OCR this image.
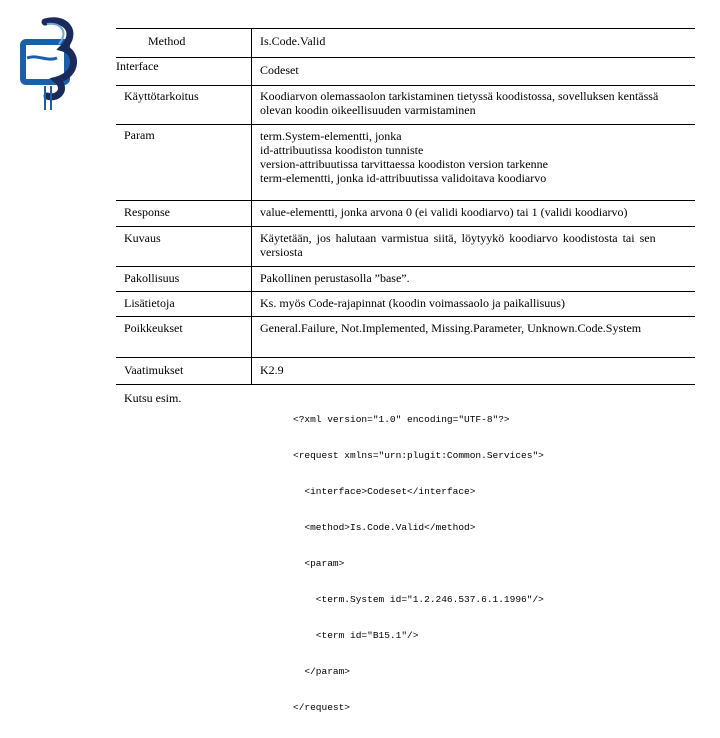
Method	Is.Code.Valid
Interface	Codeset
Käyttötarkoitus	Koodiarvon olemassaolon tarkistaminen tietyssä koodistossa, sovelluksen kentässä
olevan koodin oikeellisuuden varmistaminen
Param	term.System-elementti, jonka
id-attribuutissa koodiston tunniste
version-attribuutissa tarvittaessa koodiston version tarkenne
term-elementti, jonka id-attribuutissa validoitava koodiarvo
Response	value-elementti, jonka arvona 0 (ei validi koodiarvo) tai 1 (validi koodiarvo)
Kuvaus	Käytetään, jos halutaan varmistua siitä, löytyykö koodiarvo koodistosta tai sen
versiosta
Pakollisuus	Pakollinen perustasolla ”base”.
Lisätietoja	Ks. myös Code-rajapinnat (koodin voimassaolo ja paikallisuus)
Poikkeukset	General.Failure, Not.Implemented, Missing.Parameter, Unknown.Code.System
Vaatimukset	K2.9
Kutsu esim.

<?xml version="1.0" encoding="UTF-8"?>

<request xmlns="urn:plugit:Common.Services">

<interface>Codeset</interface>

<method>Is.Code.Valid</method>

<param>

<term.System id="1.2.246.537.6.1.1996"/>

<term id="B15.1"/>

</param>

</request>
